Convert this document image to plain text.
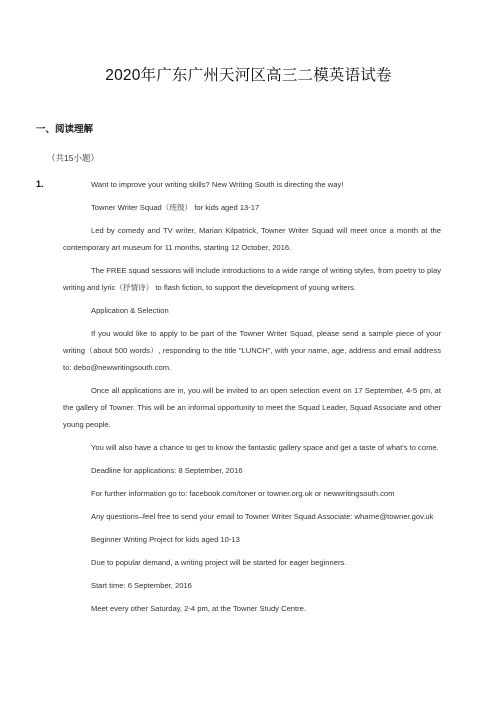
2020年广东广州天河区高三二模英语试卷
一、阅读理解
（共15小题）
1.	Want to improve your writing skills? New Writing South is directing the way!

Towner Writer Squad（班级） for kids aged 13-17

Led by comedy and TV writer, Marian Kilpatrick, Towner Writer Squad will meet once a month at the contemporary art museum for 11 months, starting 12 October, 2016.

The FREE squad sessions will include introductions to a wide range of writing styles, from poetry to play writing and lyric（抒情诗） to flash fiction, to support the development of young writers.

Application & Selection

If you would like to apply to be part of the Towner Writer Squad, please send a sample piece of your writing（about 500 words）, responding to the title "LUNCH", with your name, age, address and email address to: debo@newwritingsouth.com.

Once all applications are in, you will be invited to an open selection event on 17 September, 4-5 pm, at the gallery of Towner. This will be an informal opportunity to meet the Squad Leader, Squad Associate and other young people.

You will also have a chance to get to know the fantastic gallery space and get a taste of what's to come.

Deadline for applications: 8 September, 2016

For further information go to: facebook.com/toner or towner.org.uk or newwritingsouth.com

Any questions–feel free to send your email to Towner Writer Squad Associate: wharne@towner.gov.uk

Beginner Writing Project for kids aged 10-13

Due to popular demand, a writing project will be started for eager beginners.

Start time: 6 September, 2016

Meet every other Saturday, 2-4 pm, at the Towner Study Centre.
